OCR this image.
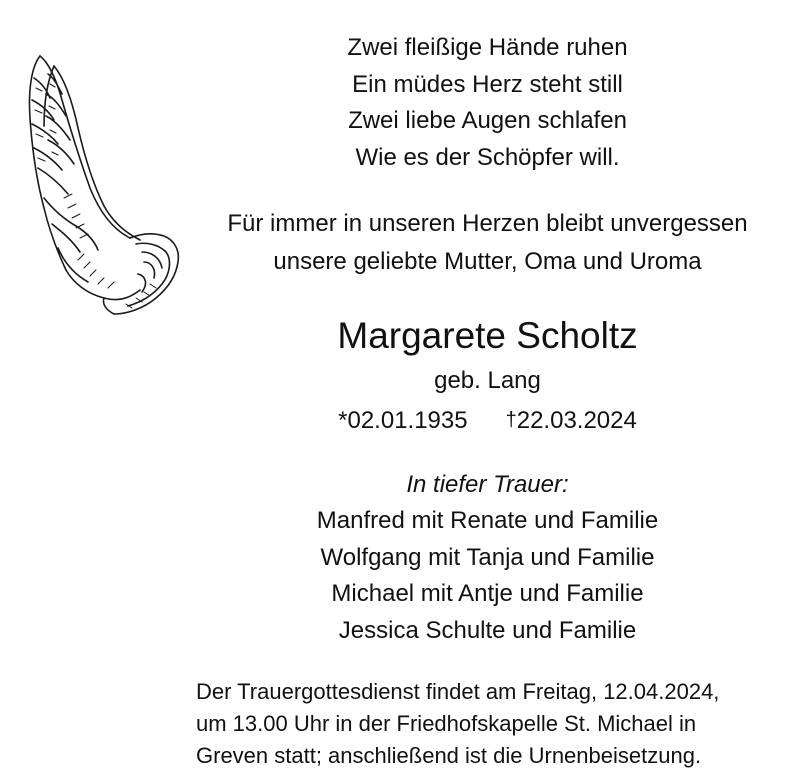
Zwei fleißige Hände ruhen
Ein müdes Herz steht still
Zwei liebe Augen schlafen
Wie es der Schöpfer will.
Für immer in unseren Herzen bleibt unvergessen
unsere geliebte Mutter, Oma und Uroma
Margarete Scholtz
geb. Lang
*02.01.1935 †22.03.2024
In tiefer Trauer:
Manfred mit Renate und Familie
Wolfgang mit Tanja und Familie
Michael mit Antje und Familie
Jessica Schulte und Familie
Der Trauergottesdienst findet am Freitag, 12.04.2024,
um 13.00 Uhr in der Friedhofskapelle St. Michael in
Greven statt; anschließend ist die Urnenbeisetzung.
